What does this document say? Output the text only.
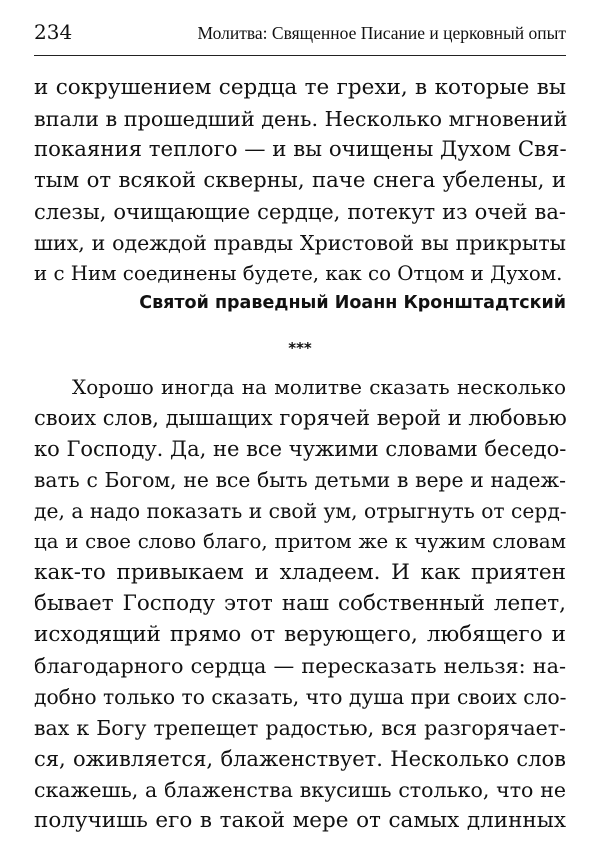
234	Молитва: Священное Писание и церковный опыт
и сокрушением сердца те грехи, в которые вы
впали в прошедший день. Несколько мгновений
покаяния теплого — и вы очищены Духом Свя-
тым от всякой скверны, паче снега убелены, и
слезы, очищающие сердце, потекут из очей ва-
ших, и одеждой правды Христовой вы прикрыты
и с Ним соединены будете, как со Отцом и Духом.
Святой праведный Иоанн Кронштадтский
***
Хорошо иногда на молитве сказать несколько
своих слов, дышащих горячей верой и любовью
ко Господу. Да, не все чужими словами беседо-
вать с Богом, не все быть детьми в вере и надеж-
де, а надо показать и свой ум, отрыгнуть от серд-
ца и свое слово благо, притом же к чужим словам
как-то привыкаем и хладеем. И как приятен
бывает Господу этот наш собственный лепет,
исходящий прямо от верующего, любящего и
благодарного сердца — пересказать нельзя: на-
добно только то сказать, что душа при своих сло-
вах к Богу трепещет радостью, вся разгорячает-
ся, оживляется, блаженствует. Несколько слов
скажешь, а блаженства вкусишь столько, что не
получишь его в такой мере от самых длинных
